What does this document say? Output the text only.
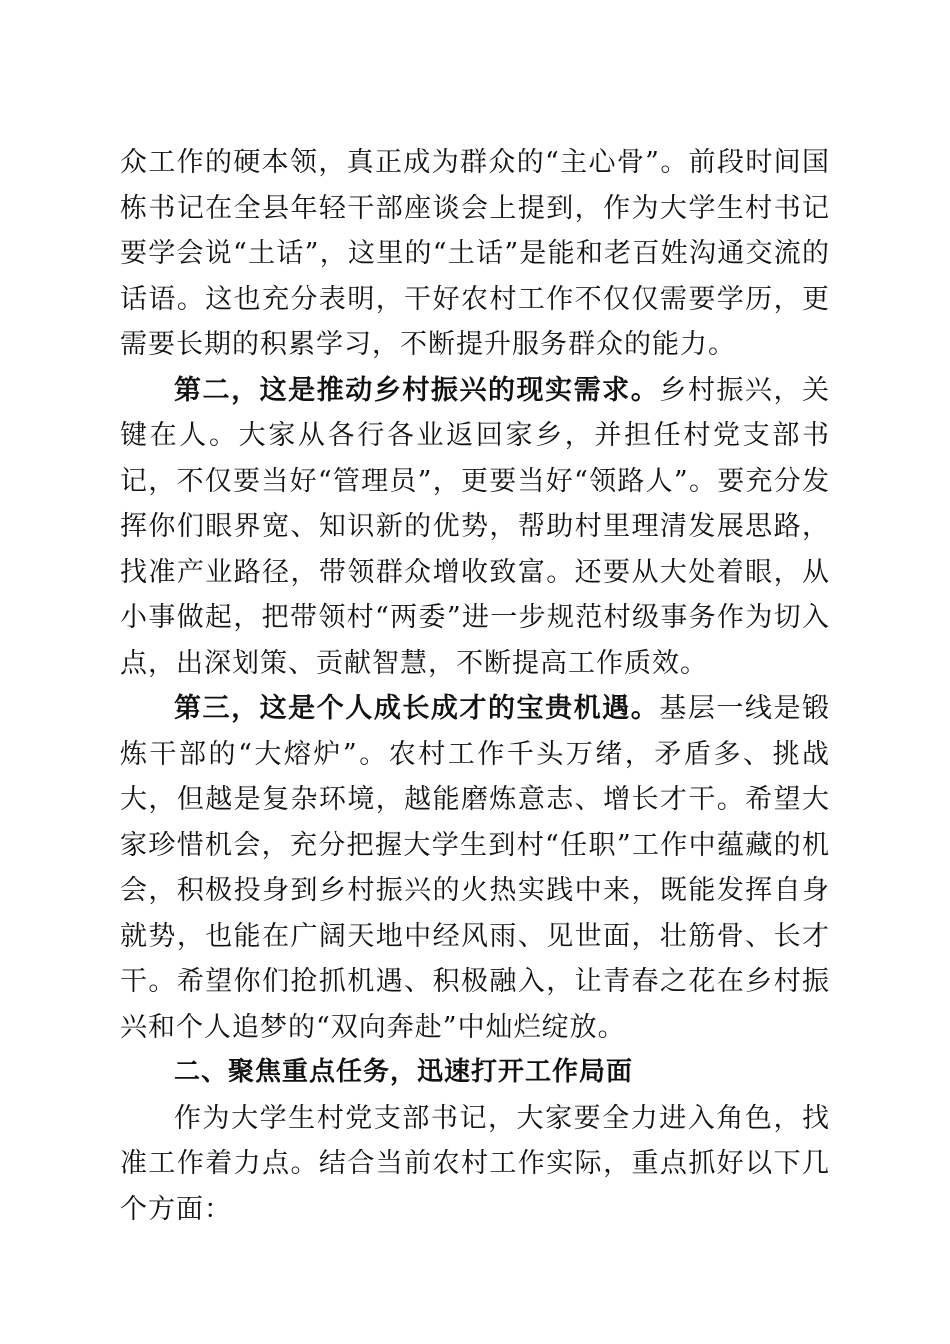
众工作的硬本领，真正成为群众的“主心骨”。前段时间国栋书记在全县年轻干部座谈会上提到，作为大学生村书记要学会说“土话”，这里的“土话”是能和老百姓沟通交流的话语。这也充分表明，干好农村工作不仅仅需要学历，更需要长期的积累学习，不断提升服务群众的能力。

第二，这是推动乡村振兴的现实需求。乡村振兴，关键在人。大家从各行各业返回家乡，并担任村党支部书记，不仅要当好“管理员”，更要当好“领路人”。要充分发挥你们眼界宽、知识新的优势，帮助村里理清发展思路，找准产业路径，带领群众增收致富。还要从大处着眼，从小事做起，把带领村“两委”进一步规范村级事务作为切入点，出深划策、贡献智慧，不断提高工作质效。

第三，这是个人成长成才的宝贵机遇。基层一线是锻炼干部的“大熔炉”。农村工作千头万绪，矛盾多、挑战大，但越是复杂环境，越能磨炼意志、增长才干。希望大家珍惜机会，充分把握大学生到村“任职”工作中蕴藏的机会，积极投身到乡村振兴的火热实践中来，既能发挥自身就势，也能在广阔天地中经风雨、见世面，壮筋骨、长才干。希望你们抢抓机遇、积极融入，让青春之花在乡村振兴和个人追梦的“双向奔赴”中灿烂绽放。

二、聚焦重点任务，迅速打开工作局面

作为大学生村党支部书记，大家要全力进入角色，找准工作着力点。结合当前农村工作实际，重点抓好以下几个方面：
